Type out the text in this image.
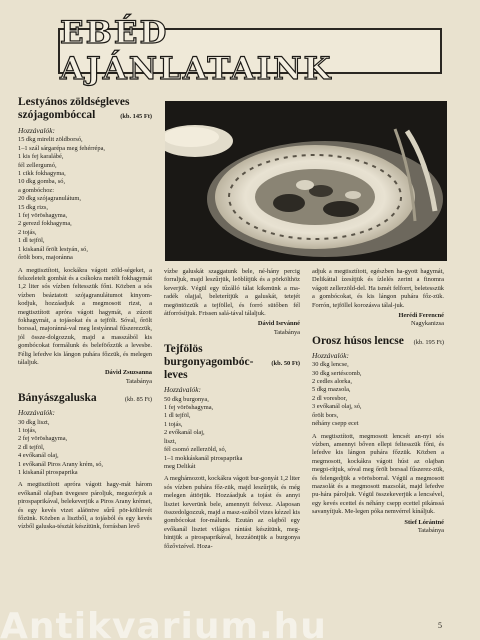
EBÉD AJÁNLATAINK

Lestyános zöldségleves

szójagombóccal	(kb. 145 Ft)

Hozzávalók:

15 dkg mirelit zöldborsó,
1–1 szál sárgarépa meg fehérrépa,
1 kis fej karalábé,
fél zellergumó,
1 cikk fokhagyma,
10 dkg gomba, só,
a gombóchoz:
20 dkg szójagranulátum,
15 dkg rizs,
1 fej vöröshagyma,
2 gerezd fokhagyma,
2 tojás,
1 dl tejföl,
1 kiskanál őrölt lestyán, só,
őrölt bors, majoránna

A megtisztított, kockákra vágott zöld-ségeket, a felszeletelt gombát és a csíkokra metélt fokhagymát 1,2 liter sós vízben feltesszük főni. Közben a sós vízben beáztatott szójagranulátumot kinyom-kodjuk, hozzáadjuk a megmosott rizst, a megtisztított apróra vágott hagymát, a zúzott fokhagymát, a tojásokat és a tejfölt. Sóval, őrölt borssal, majoránná-val meg lestyánnal fűszerezzük, jól össze-dolgozzuk, majd a masszából kis gombócokat formálunk és beleföőzzük a levesbe. Félig lefedve kis lángon puhára főzzük, és melegen tálaljuk.

Dávid Zsuzsanna

Tatabánya

Bányászgaluska	(kb. 85 Ft)

Hozzávalók:

30 dkg liszt,
1 tojás,
2 fej vöröshagyma,
2 dl tejföl,
4 evőkanál olaj,
1 evőkanál Piros Arany krém, só,
1 kiskanál pirospaprika

A megtisztított apróra vágott hagy-mát három evőkanál olajban üvegesre pároljuk, megszórjuk a pirospaprikával, belekeverjük a Piros Arany krémet, és egy kevés vizet aláöntve sűrű pör-költlevét főzünk. Közben a lisztből, a tojásból és egy kevés vízből galuska-tésztát készítünk, forrásban levő

vízbe galuskát szaggatunk bele, né-hány percig forraljuk, majd leszűrjük, leöblítjük és a pörkölthöz keverjük. Végül egy tűzálló tálat kikenünk a ma-radék olajjal, beleterítjük a galuskát, tetejét megöntözzük a tejföllel, és forró sütőben fél átforrósítjuk. Frissen salá-tával tálaljuk.

Dávid Isrvánné

Tatabánya

Tejfölös

burgonyagombóc-leves
(kb. 50 Ft)

Hozzávalók:

50 dkg burgonya,
1 fej vöröshagyma,
1 dl tejföl,
1 tojás,
2 evőkanál olaj,
liszt,
fél csomó zellerzöld, só,
1–1 mokkáskanál pirospaprika
meg Delikát

A meghámozott, kockákra vágott bur-gonyát 1,2 liter sós vízben puhára főz-zük, majd leszűrjük, és még melegen áttörjük. Hozzáadjuk a tojást és annyi lisztet keverünk bele, amennyit felvesz. Alaposan összedolgozzuk, majd a masz-szából vizes kézzel kis gombócokat for-málunk. Ezután az olajból egy evőkanál lisztet világos rántást készítünk, meg-hintjük a pirospaprikával, hozzáöntjük a burgonya főzővizével. Hoza-

adjuk a megtisztított, egészben ha-gyott hagymát, Delikáttal ízesítjük és ízlelés zerint a finomra vágott zellerzöld-del. Ha ismét felforrt, beletesszük a gombócokat, és kis lángon puhára főz-zük. Forrón, tejföllel korozásva tálal-juk.

Herédi Ferencné

Nagykanizsa

Orosz húsos lencse (kb. 195 Ft)

Hozzávalók:

30 dkg lencse,
30 dkg sertéscomb,
2 cedles alorka,
5 dkg mazsola,
2 dl voresbor,
3 evőkanál olaj, só,
őrölt bors,
néhány csepp ecet

A megtisztított, megmosott lencsét an-nyi sós vízben, amennyi bőven ellepi feltesszük főni, és lefedve kis lángon puhára főzzük. Közben a megmosott, kockákra vágott húst az olajban megpi-rítjuk, sóval meg őrölt borssal fűszerez-zük, és felengedjük a vörösborral. Végül a megmosott mazsolát és a megmosott mazsolát, majd lefedve pu-hára pároljuk. Végül összekeverjük a lencsével, egy kevés ecettel és néhány csepp ecettel pikánssá savanyítjuk. Me-legen póka nemvérrel kínáljuk.

Stief Lórántné

Tatabánya

5
Antikvarium.hu
